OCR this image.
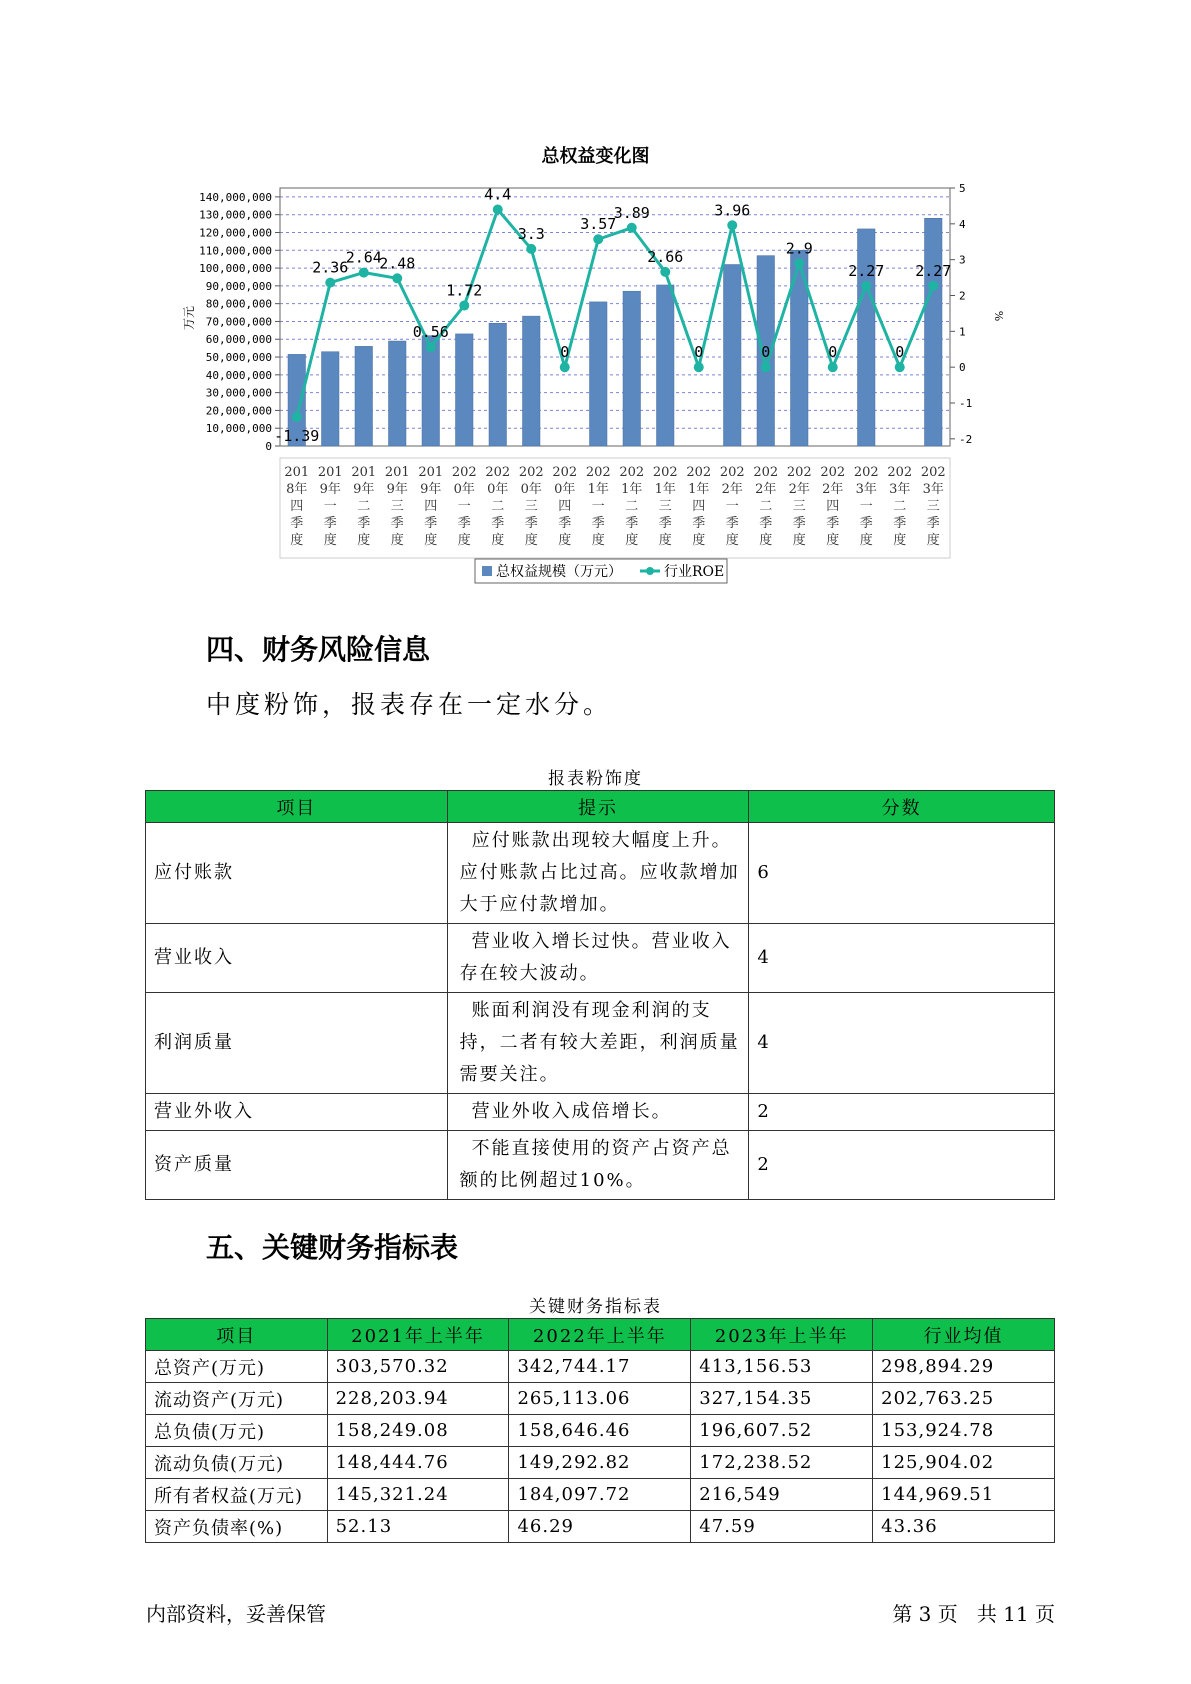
总权益变化图
0
10,000,000
20,000,000
30,000,000
40,000,000
50,000,000
60,000,000
70,000,000
80,000,000
90,000,000
100,000,000
110,000,000
120,000,000
130,000,000
140,000,000
-2
-1
0
1
2
3
4
5
万元	%
-1.39
2.36
2.64
2.48
0.56
1.72
4.4
3.3
0
3.57
3.89
2.66
0
3.96
0
2.9
0
2.27
0
2.27
201 8年四季度
201 9年一季度
201 9年二季度
201 9年三季度
201 9年四季度
202 0年一季度
202 0年二季度
202 0年三季度
202 0年四季度
202 1年一季度
202 1年二季度
202 1年三季度
202 1年四季度
202 2年一季度
202 2年二季度
202 2年三季度
202 2年四季度
202 3年一季度
202 3年二季度
202 3年三季度
总权益规模（万元）	行业ROE
四、财务风险信息
中度粉饰，报表存在一定水分。
报表粉饰度
项目	提示	分数
应付账款	应付账款出现较大幅度上升。应付账款占比过高。应收款增加大于应付款增加。	6
营业收入	营业收入增长过快。营业收入存在较大波动。	4
利润质量	账面利润没有现金利润的支持，二者有较大差距，利润质量需要关注。	4
营业外收入	营业外收入成倍增长。	2
资产质量	不能直接使用的资产占资产总额的比例超过10%。	2
五、关键财务指标表
关键财务指标表
项目	2021年上半年	2022年上半年	2023年上半年	行业均值
总资产(万元)	303,570.32	342,744.17	413,156.53	298,894.29
流动资产(万元)	228,203.94	265,113.06	327,154.35	202,763.25
总负债(万元)	158,249.08	158,646.46	196,607.52	153,924.78
流动负债(万元)	148,444.76	149,292.82	172,238.52	125,904.02
所有者权益(万元)	145,321.24	184,097.72	216,549	144,969.51
资产负债率(%)	52.13	46.29	47.59	43.36
内部资料，妥善保管	第 3 页   共 11 页
